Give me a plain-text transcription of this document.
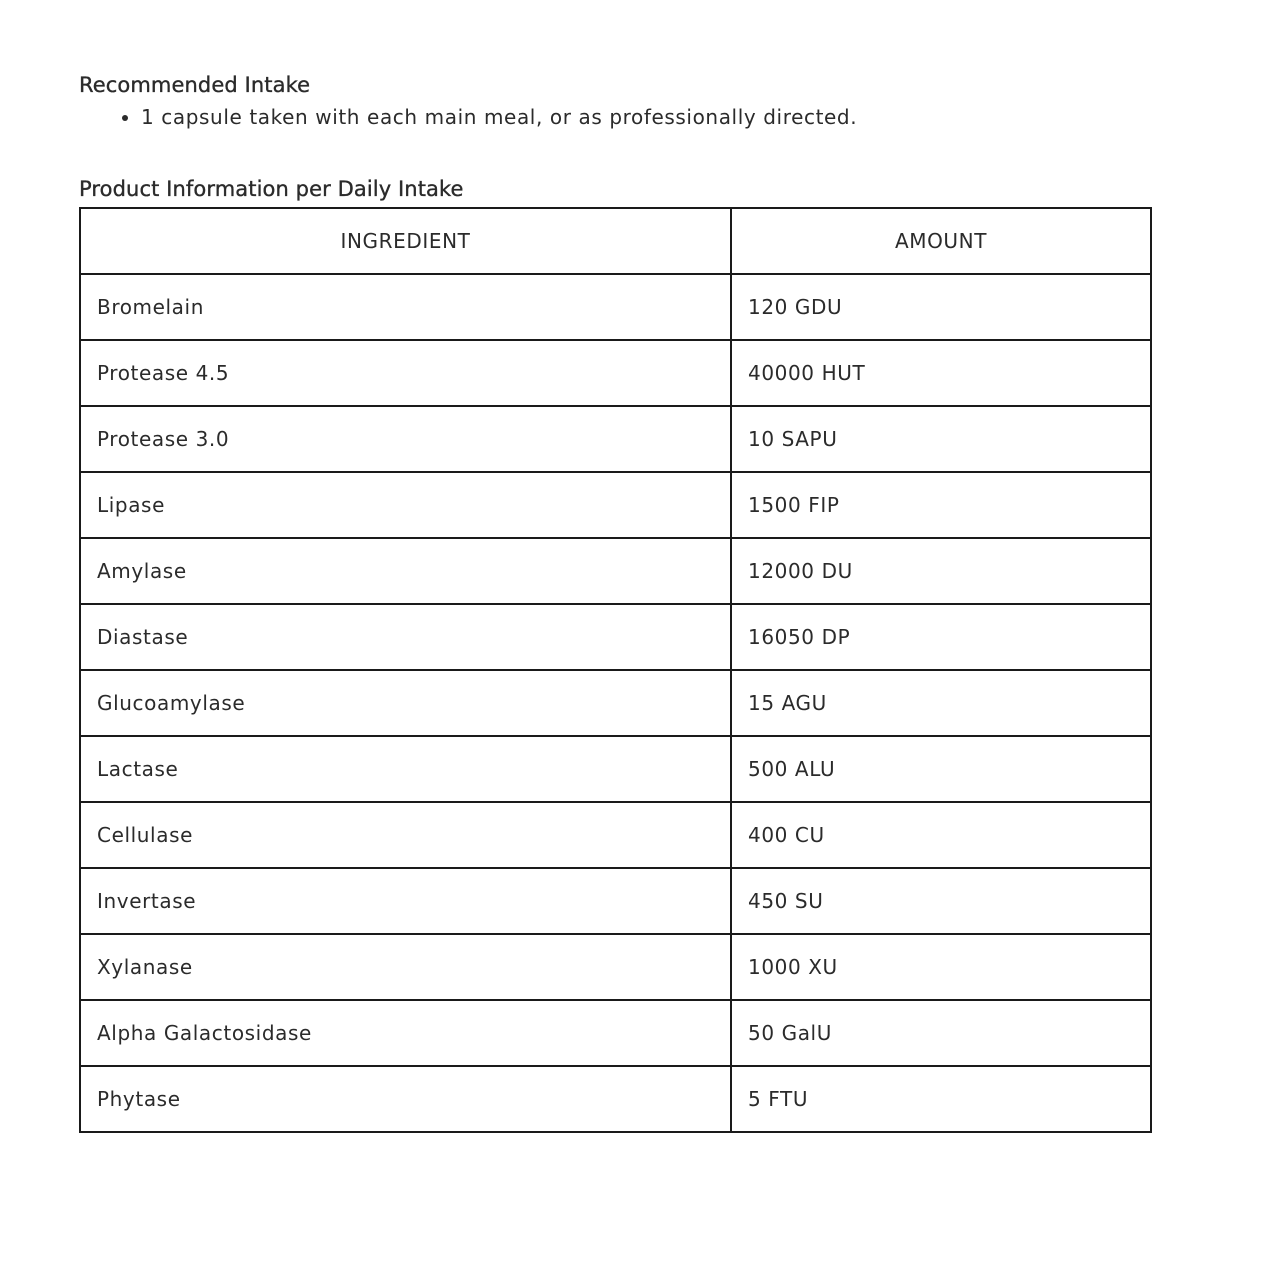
Recommended Intake
• 1 capsule taken with each main meal, or as professionally directed.
Product Information per Daily Intake
INGREDIENT	AMOUNT
Bromelain	120 GDU
Protease 4.5	40000 HUT
Protease 3.0	10 SAPU
Lipase	1500 FIP
Amylase	12000 DU
Diastase	16050 DP
Glucoamylase	15 AGU
Lactase	500 ALU
Cellulase	400 CU
Invertase	450 SU
Xylanase	1000 XU
Alpha Galactosidase	50 GalU
Phytase	5 FTU
